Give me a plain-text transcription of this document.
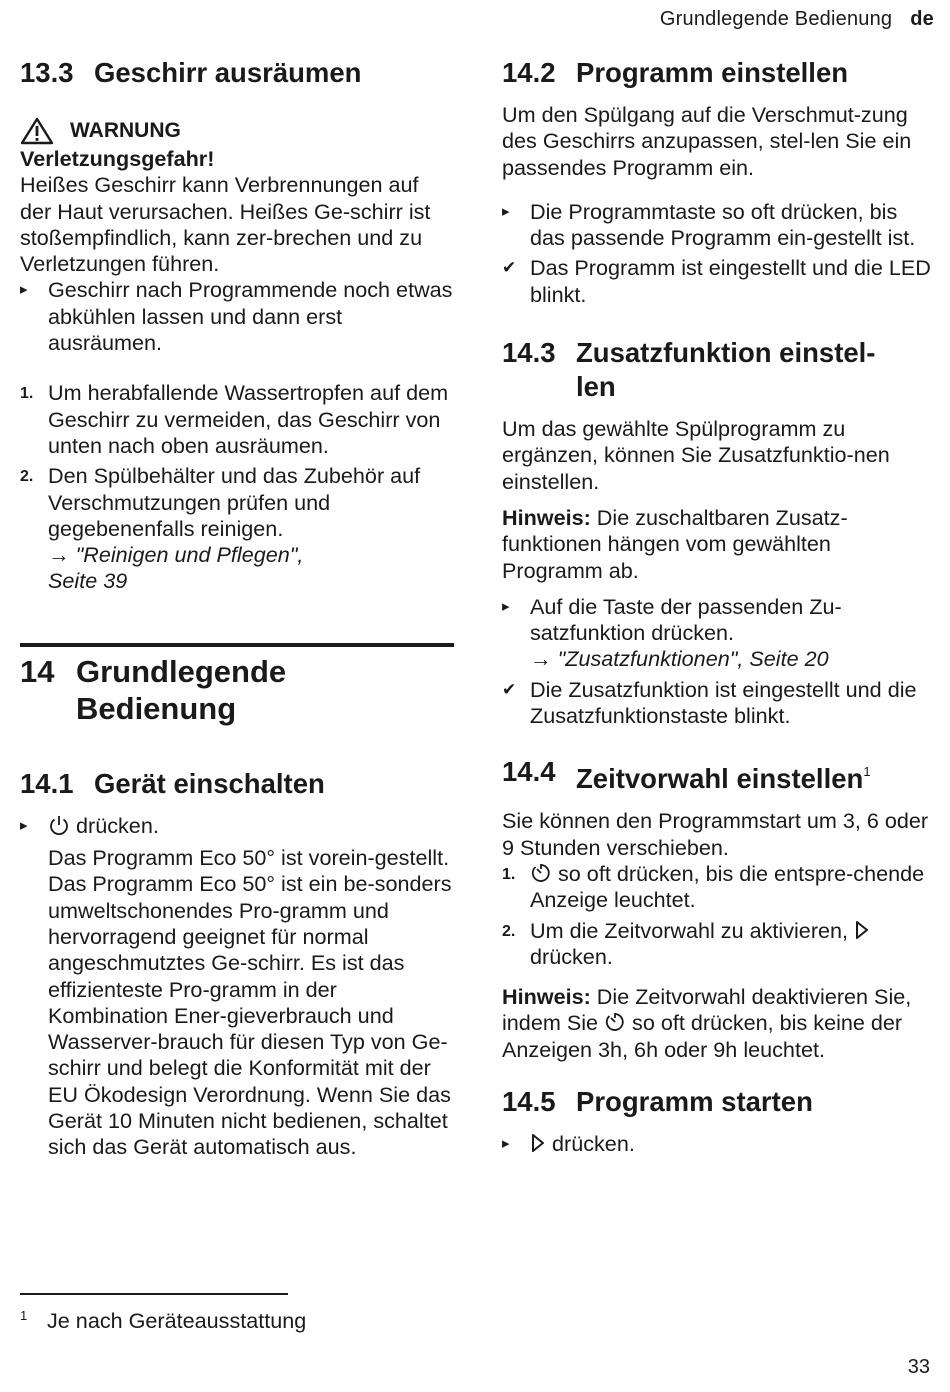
Grundlegende Bedienung de
13.3 Geschirr ausräumen
WARNUNG

Verletzungsgefahr!

Heißes Geschirr kann Verbrennungen auf der Haut verursachen. Heißes Ge-schirr ist stoßempfindlich, kann zer-brechen und zu Verletzungen führen.

▸ Geschirr nach Programmende noch etwas abkühlen lassen und dann erst ausräumen.
1. Um herabfallende Wassertropfen auf dem Geschirr zu vermeiden, das Geschirr von unten nach oben ausräumen.
2. Den Spülbehälter und das Zubehör auf Verschmutzungen prüfen und gegebenenfalls reinigen.
→ "Reinigen und Pflegen",
Seite 39
14 Grundlegende
Bedienung
14.1 Gerät einschalten
▸	drücken.

Das Programm Eco 50° ist vorein-gestellt.

Das Programm Eco 50° ist ein be-sonders umweltschonendes Pro-gramm und hervorragend geeignet für normal angeschmutztes Ge-schirr. Es ist das effizienteste Pro-gramm in der Kombination Ener-gieverbrauch und Wasserver-brauch für diesen Typ von Ge-schirr und belegt die Konformität mit der EU Ökodesign Verordnung. Wenn Sie das Gerät 10 Minuten nicht bedienen, schaltet sich das Gerät automatisch aus.

14.2 Programm einstellen

Um den Spülgang auf die Verschmut-zung des Geschirrs anzupassen, stel-len Sie ein passendes Programm ein.

▸ Die Programmtaste so oft drücken, bis das passende Programm ein-gestellt ist.
✔ Das Programm ist eingestellt und die LED blinkt.
14.3 Zusatzfunktion einstel-
len

Um das gewählte Spülprogramm zu ergänzen, können Sie Zusatzfunktio-nen einstellen.

Hinweis: Die zuschaltbaren Zusatz-funktionen hängen vom gewählten Programm ab.

▸ Auf die Taste der passenden Zu-satzfunktion drücken.
→ "Zusatzfunktionen", Seite 20
✔ Die Zusatzfunktion ist eingestellt und die Zusatzfunktionstaste blinkt.
14.4 Zeitvorwahl einstellen$^1$

Sie können den Programmstart um 3, 6 oder 9 Stunden verschieben.

1.	so oft drücken, bis die entspre-chende Anzeige leuchtet.
2. Um die Zeitvorwahl zu aktivieren,
drücken.

Hinweis: Die Zeitvorwahl deaktivieren Sie, indem Sie so oft drücken, bis keine der Anzeigen 3h, 6h oder 9h leuchtet.

14.5 Programm starten
▸	drücken.
1 Je nach Geräteausstattung
33
